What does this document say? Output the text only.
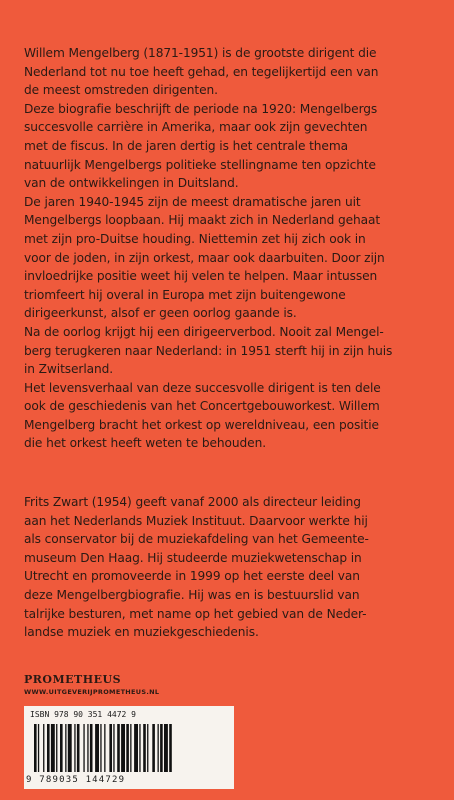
Willem Mengelberg (1871-1951) is de grootste dirigent die

Nederland tot nu toe heeft gehad, en tegelijkertijd een van

de meest omstreden dirigenten.

Deze biografie beschrijft de periode na 1920: Mengelbergs

succesvolle carrière in Amerika, maar ook zijn gevechten

met de fiscus. In de jaren dertig is het centrale thema

natuurlijk Mengelbergs politieke stellingname ten opzichte

van de ontwikkelingen in Duitsland.

De jaren 1940-1945 zijn de meest dramatische jaren uit

Mengelbergs loopbaan. Hij maakt zich in Nederland gehaat

met zijn pro-Duitse houding. Niettemin zet hij zich ook in

voor de joden, in zijn orkest, maar ook daarbuiten. Door zijn

invloedrijke positie weet hij velen te helpen. Maar intussen

triomfeert hij overal in Europa met zijn buitengewone

dirigeerkunst, alsof er geen oorlog gaande is.

Na de oorlog krijgt hij een dirigeerverbod. Nooit zal Mengel-

berg terugkeren naar Nederland: in 1951 sterft hij in zijn huis

in Zwitserland.

Het levensverhaal van deze succesvolle dirigent is ten dele

ook de geschiedenis van het Concertgebouworkest. Willem

Mengelberg bracht het orkest op wereldniveau, een positie

die het orkest heeft weten te behouden.

Frits Zwart (1954) geeft vanaf 2000 als directeur leiding

aan het Nederlands Muziek Instituut. Daarvoor werkte hij

als conservator bij de muziekafdeling van het Gemeente-

museum Den Haag. Hij studeerde muziekwetenschap in

Utrecht en promoveerde in 1999 op het eerste deel van

deze Mengelbergbiografie. Hij was en is bestuurslid van

talrijke besturen, met name op het gebied van de Neder-

landse muziek en muziekgeschiedenis.

PROMETHEUS
WWW.UITGEVERIJPROMETHEUS.NL
ISBN 978 90 351 4472 9
9 789035 144729
